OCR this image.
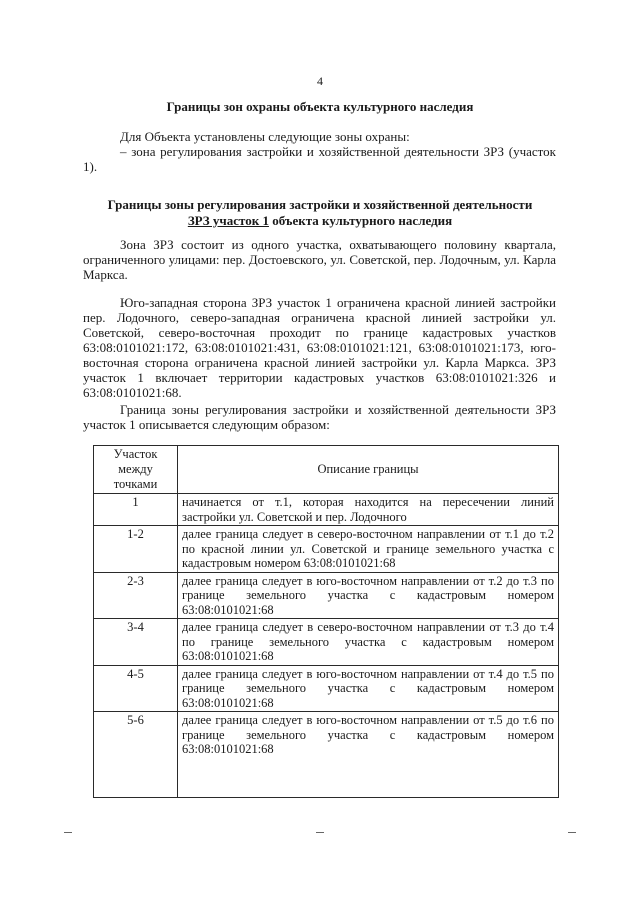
4
Границы зон охраны объекта культурного наследия

Для Объекта установлены следующие зоны охраны:

– зона регулирования застройки и хозяйственной деятельности ЗРЗ (участок 1).

Границы зоны регулирования застройки и хозяйственной деятельности
ЗРЗ участок 1 объекта культурного наследия

Зона ЗРЗ состоит из одного участка, охватывающего половину квартала, ограниченного улицами: пер. Достоевского, ул. Советской, пер. Лодочным, ул. Карла Маркса.

Юго-западная сторона ЗРЗ участок 1 ограничена красной линией застройки пер. Лодочного, северо-западная ограничена красной линией застройки ул. Советской, северо-восточная проходит по границе кадастровых участков 63:08:0101021:172, 63:08:0101021:431, 63:08:0101021:121, 63:08:0101021:173, юго-восточная сторона ограничена красной линией застройки ул. Карла Маркса. ЗРЗ участок 1 включает территории кадастровых участков 63:08:0101021:326 и 63:08:0101021:68.

Граница зоны регулирования застройки и хозяйственной деятельности ЗРЗ участок 1 описывается следующим образом:

Участок между точками	Описание границы
1	начинается от т.1, которая находится на пересечении линий застройки ул. Советской и пер. Лодочного
1-2	далее граница следует в северо-восточном направлении от т.1 до т.2 по красной линии ул. Советской и границе земельного участка с кадастровым номером 63:08:0101021:68
2-3	далее граница следует в юго-восточном направлении от т.2 до т.3 по границе земельного участка с кадастровым номером 63:08:0101021:68
3-4	далее граница следует в северо-восточном направлении от т.3 до т.4 по границе земельного участка с кадастровым номером 63:08:0101021:68
4-5	далее граница следует в юго-восточном направлении от т.4 до т.5 по границе земельного участка с кадастровым номером 63:08:0101021:68
5-6	далее граница следует в юго-восточном направлении от т.5 до т.6 по границе земельного участка с кадастровым номером 63:08:0101021:68
